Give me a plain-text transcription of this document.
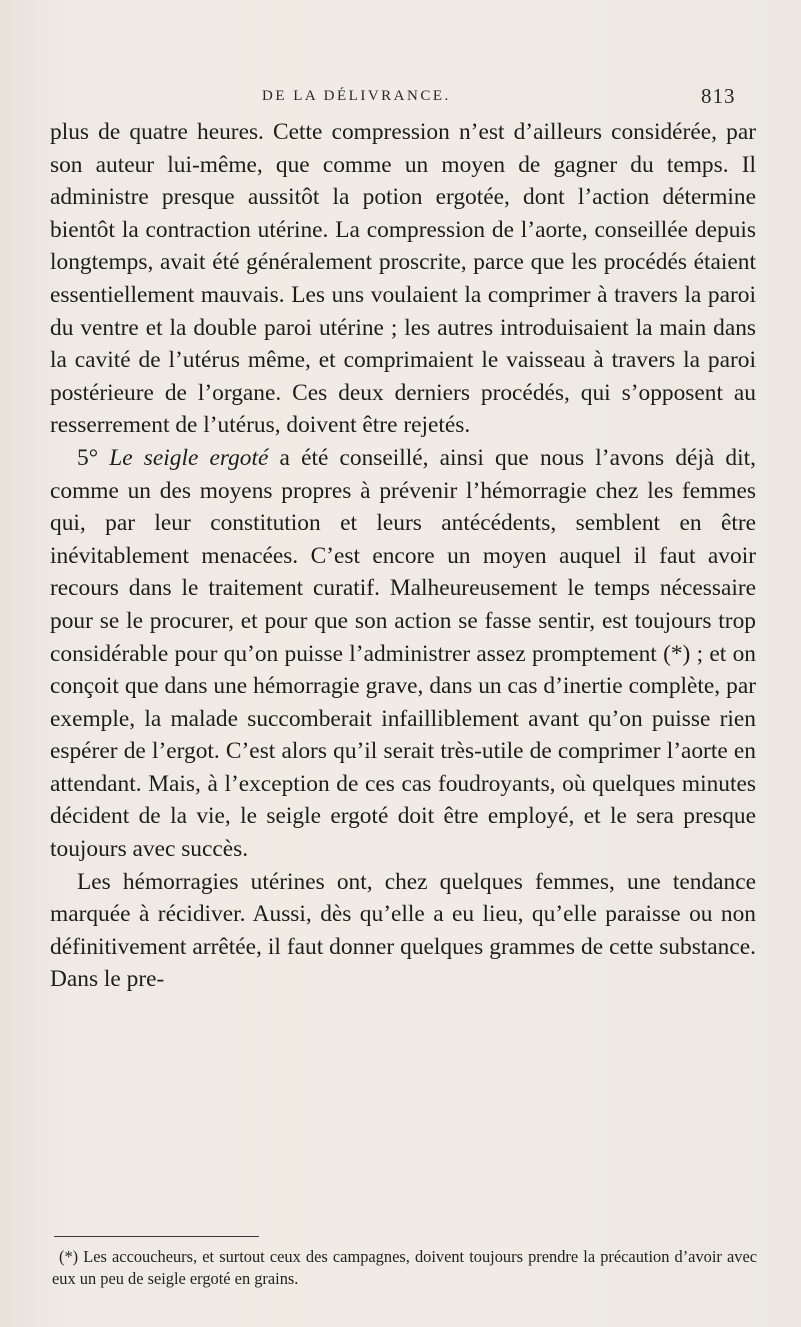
DE LA DÉLIVRANCE.	813

plus de quatre heures. Cette compression n’est d’ailleurs considérée, par son auteur lui-même, que comme un moyen de gagner du temps. Il administre presque aussitôt la potion ergotée, dont l’action détermine bientôt la contraction utérine. La compression de l’aorte, conseillée depuis longtemps, avait été généralement proscrite, parce que les procédés étaient essentiellement mauvais. Les uns voulaient la comprimer à travers la paroi du ventre et la double paroi utérine ; les autres introduisaient la main dans la cavité de l’utérus même, et comprimaient le vaisseau à travers la paroi postérieure de l’organe. Ces deux derniers procédés, qui s’opposent au resserrement de l’utérus, doivent être rejetés.

5° Le seigle ergoté a été conseillé, ainsi que nous l’avons déjà dit, comme un des moyens propres à prévenir l’hémorragie chez les femmes qui, par leur constitution et leurs antécédents, semblent en être inévitablement menacées. C’est encore un moyen auquel il faut avoir recours dans le traitement curatif. Malheureusement le temps nécessaire pour se le procurer, et pour que son action se fasse sentir, est toujours trop considérable pour qu’on puisse l’administrer assez promptement (*) ; et on conçoit que dans une hémorragie grave, dans un cas d’inertie complète, par exemple, la malade succomberait infailliblement avant qu’on puisse rien espérer de l’ergot. C’est alors qu’il serait très-utile de comprimer l’aorte en attendant. Mais, à l’exception de ces cas foudroyants, où quelques minutes décident de la vie, le seigle ergoté doit être employé, et le sera presque toujours avec succès.

Les hémorragies utérines ont, chez quelques femmes, une tendance marquée à récidiver. Aussi, dès qu’elle a eu lieu, qu’elle paraisse ou non définitivement arrêtée, il faut donner quelques grammes de cette substance. Dans le pre-

(*) Les accoucheurs, et surtout ceux des campagnes, doivent toujours prendre la précaution d’avoir avec eux un peu de seigle ergoté en grains.
